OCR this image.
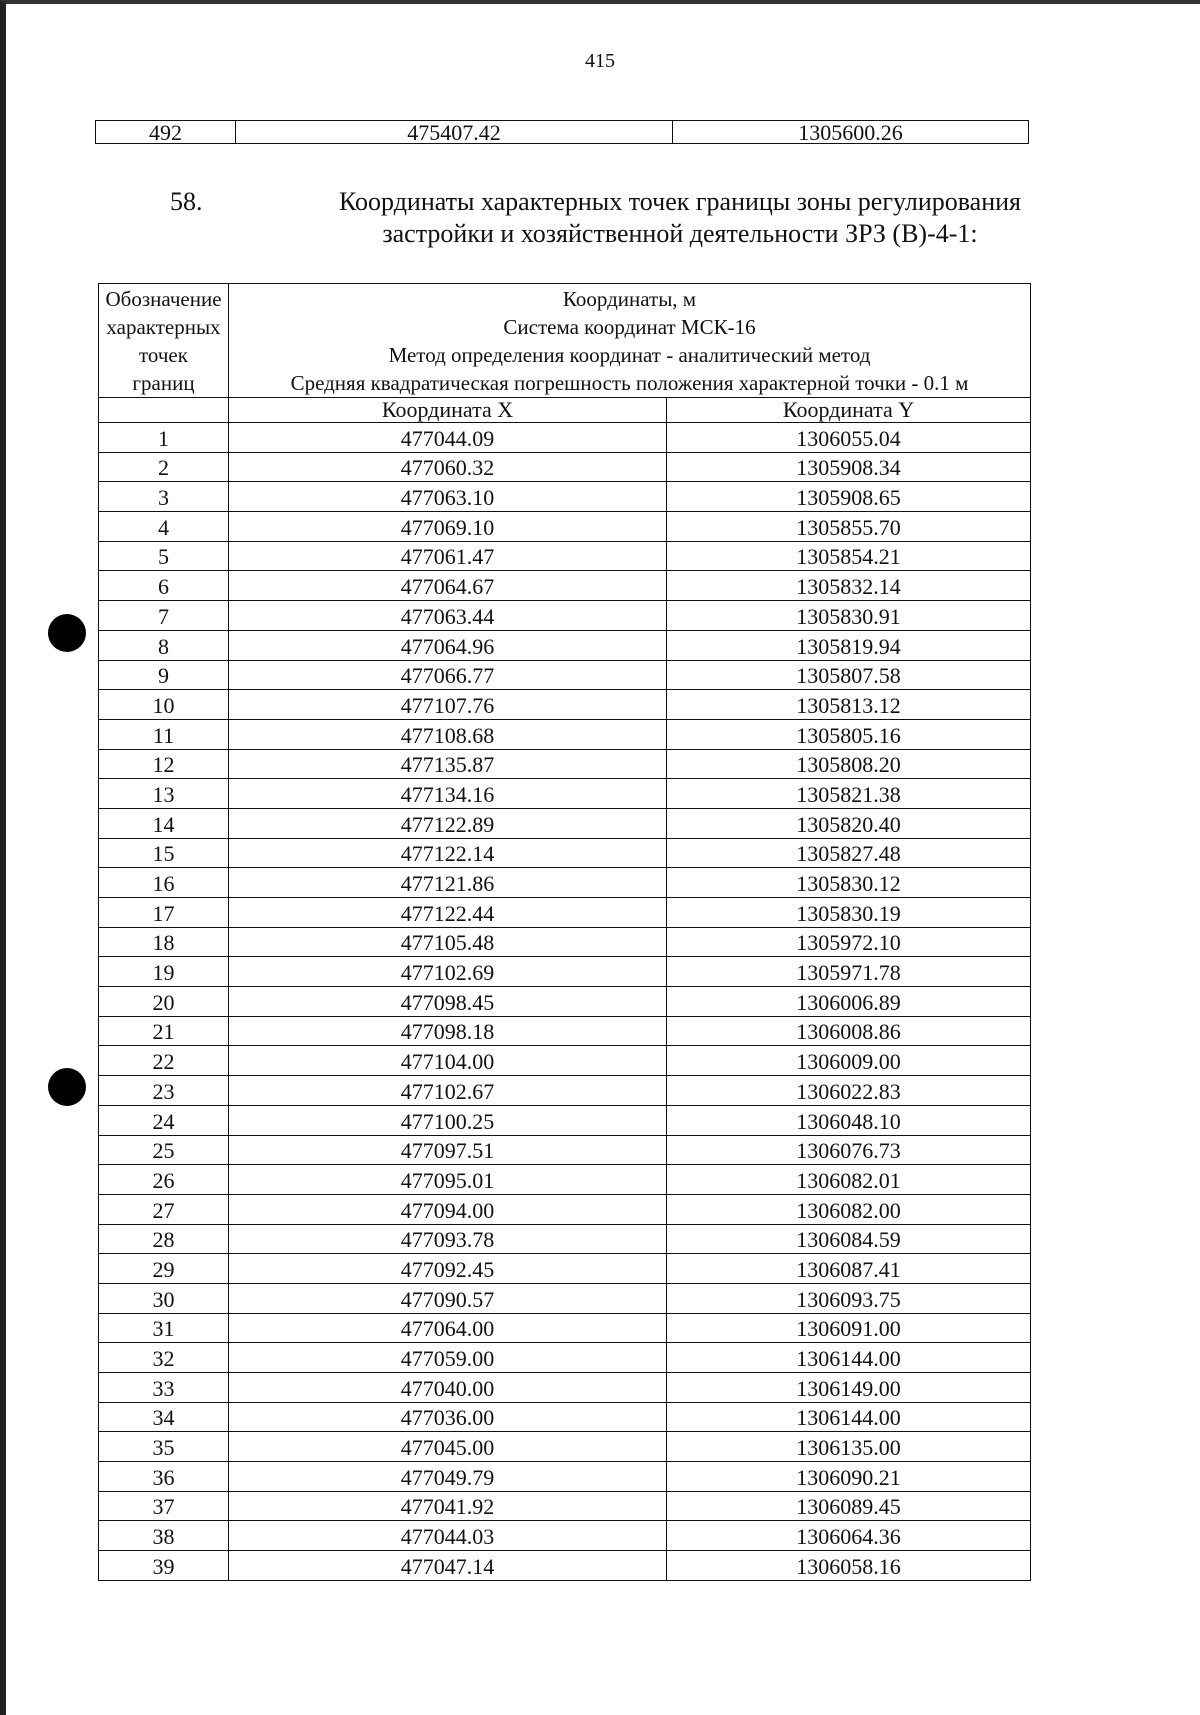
415
492	475407.42	1305600.26
58.	Координаты характерных точек границы зоны регулирования
застройки и хозяйственной деятельности ЗРЗ (В)-4-1:
Обозначение
характерных
точек
границ	Координаты, м
Система координат МСК-16
Метод определения координат - аналитический метод
Средняя квадратическая погрешность положения характерной точки - 0.1 м	

	Координата X	Координата Y
1	477044.09	1306055.04
2	477060.32	1305908.34
3	477063.10	1305908.65
4	477069.10	1305855.70
5	477061.47	1305854.21
6	477064.67	1305832.14
7	477063.44	1305830.91
8	477064.96	1305819.94
9	477066.77	1305807.58
10	477107.76	1305813.12
11	477108.68	1305805.16
12	477135.87	1305808.20
13	477134.16	1305821.38
14	477122.89	1305820.40
15	477122.14	1305827.48
16	477121.86	1305830.12
17	477122.44	1305830.19
18	477105.48	1305972.10
19	477102.69	1305971.78
20	477098.45	1306006.89
21	477098.18	1306008.86
22	477104.00	1306009.00
23	477102.67	1306022.83
24	477100.25	1306048.10
25	477097.51	1306076.73
26	477095.01	1306082.01
27	477094.00	1306082.00
28	477093.78	1306084.59
29	477092.45	1306087.41
30	477090.57	1306093.75
31	477064.00	1306091.00
32	477059.00	1306144.00
33	477040.00	1306149.00
34	477036.00	1306144.00
35	477045.00	1306135.00
36	477049.79	1306090.21
37	477041.92	1306089.45
38	477044.03	1306064.36
39	477047.14	1306058.16
